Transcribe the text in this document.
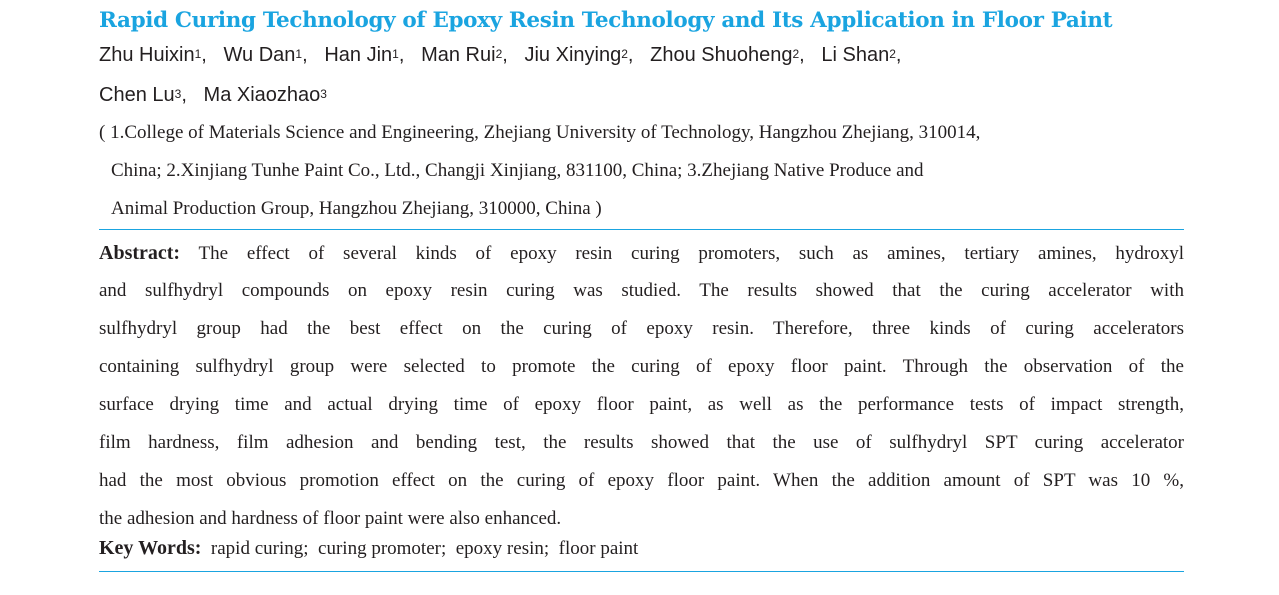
Rapid Curing Technology of Epoxy Resin Technology and Its Application in Floor Paint
Zhu Huixin$^1$,   Wu Dan$^1$,   Han Jin$^1$,   Man Rui$^2$,   Jiu Xinying$^2$,   Zhou Shuoheng$^2$,   Li Shan$^2$,
Chen Lu$^3$,   Ma Xiaozhao$^3$
( 1.College of Materials Science and Engineering, Zhejiang University of Technology, Hangzhou Zhejiang, 310014,
China; 2.Xinjiang Tunhe Paint Co., Ltd., Changji Xinjiang, 831100, China; 3.Zhejiang Native Produce and
Animal Production Group, Hangzhou Zhejiang, 310000, China )
Abstract: The effect of several kinds of epoxy resin curing promoters, such as amines, tertiary amines, hydroxyl
and sulfhydryl compounds on epoxy resin curing was studied. The results showed that the curing accelerator with
sulfhydryl group had the best effect on the curing of epoxy resin. Therefore, three kinds of curing accelerators
containing sulfhydryl group were selected to promote the curing of epoxy floor paint. Through the observation of the
surface drying time and actual drying time of epoxy floor paint, as well as the performance tests of impact strength,
film hardness, film adhesion and bending test, the results showed that the use of sulfhydryl SPT curing accelerator
had the most obvious promotion effect on the curing of epoxy floor paint. When the addition amount of SPT was 10 %,
the adhesion and hardness of floor paint were also enhanced.
Key Words: rapid curing;  curing promoter;  epoxy resin;  floor paint
